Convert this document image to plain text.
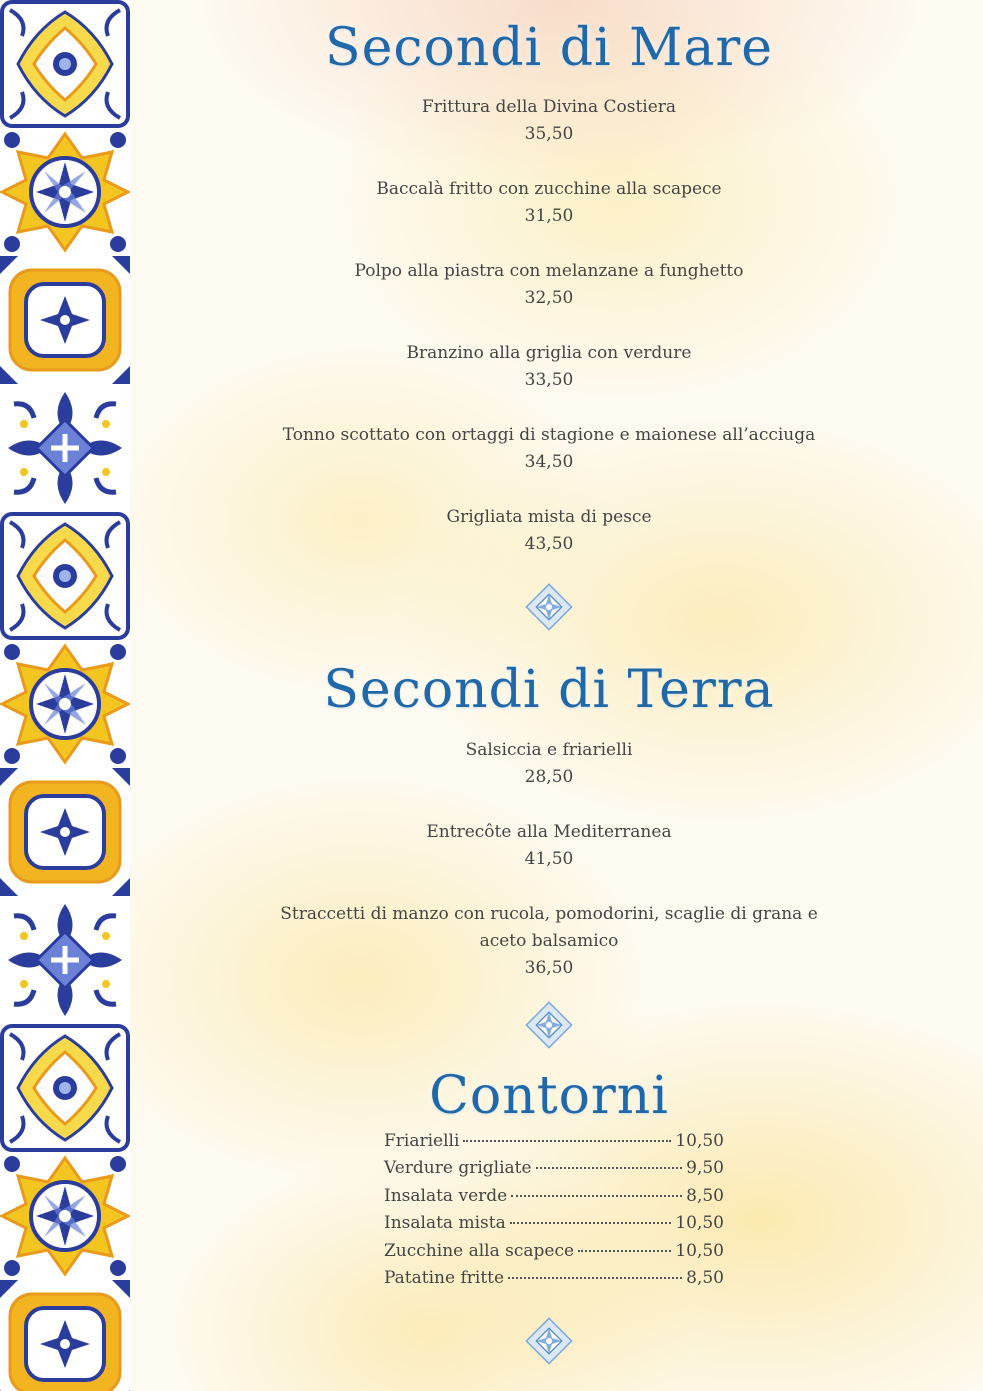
Secondi di Mare
Frittura della Divina Costiera
35,50
Baccalà fritto con zucchine alla scapece
31,50
Polpo alla piastra con melanzane a funghetto
32,50
Branzino alla griglia con verdure
33,50
Tonno scottato con ortaggi di stagione e maionese all’acciuga
34,50
Grigliata mista di pesce
43,50
Secondi di Terra
Salsiccia e friarielli
28,50
Entrecôte alla Mediterranea
41,50
Straccetti di manzo con rucola, pomodorini, scaglie di grana e
aceto balsamico
36,50
Contorni
Friarielli	10,50
Verdure grigliate	9,50
Insalata verde	8,50
Insalata mista	10,50
Zucchine alla scapece	10,50
Patatine fritte	8,50
